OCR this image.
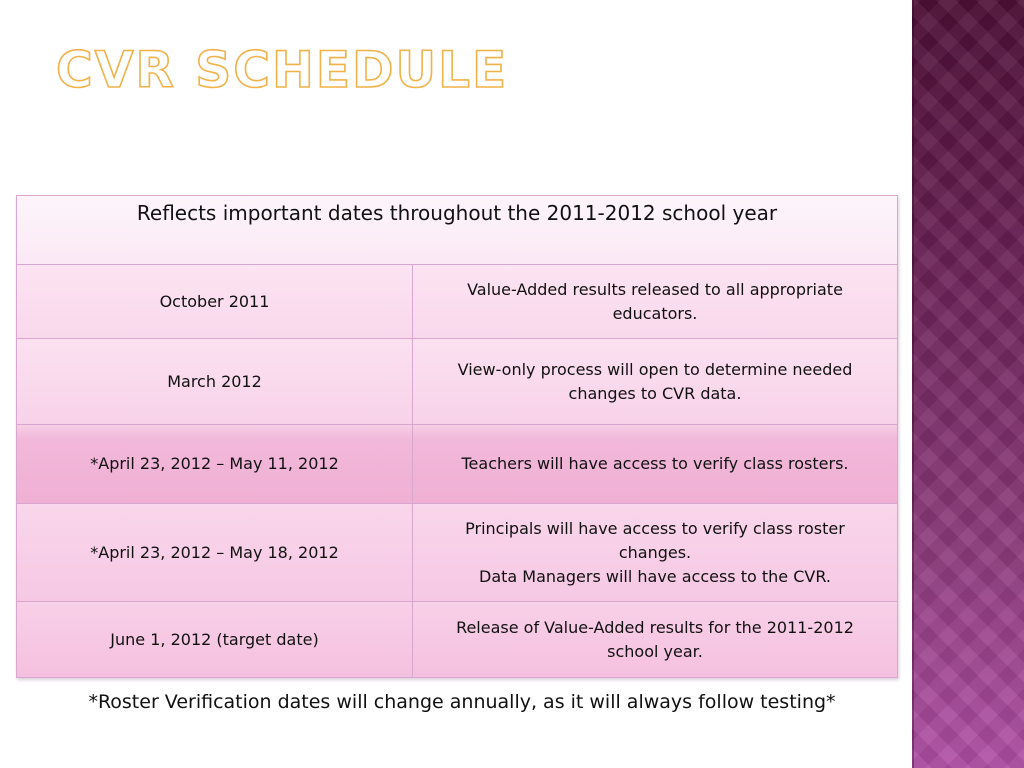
CVR SCHEDULE
Reflects important dates throughout the 2011-2012 school year
October 2011
Value-Added results released to all appropriate
educators.
March 2012
View-only process will open to determine needed
changes to CVR data.
*April 23, 2012 – May 11, 2012	Teachers will have access to verify class rosters.
*April 23, 2012 – May 18, 2012
Principals will have access to verify class roster
changes.
Data Managers will have access to the CVR.
June 1, 2012 (target date)
Release of Value-Added results for the 2011-2012
school year.

*Roster Verification dates will change annually, as it will always follow testing*
